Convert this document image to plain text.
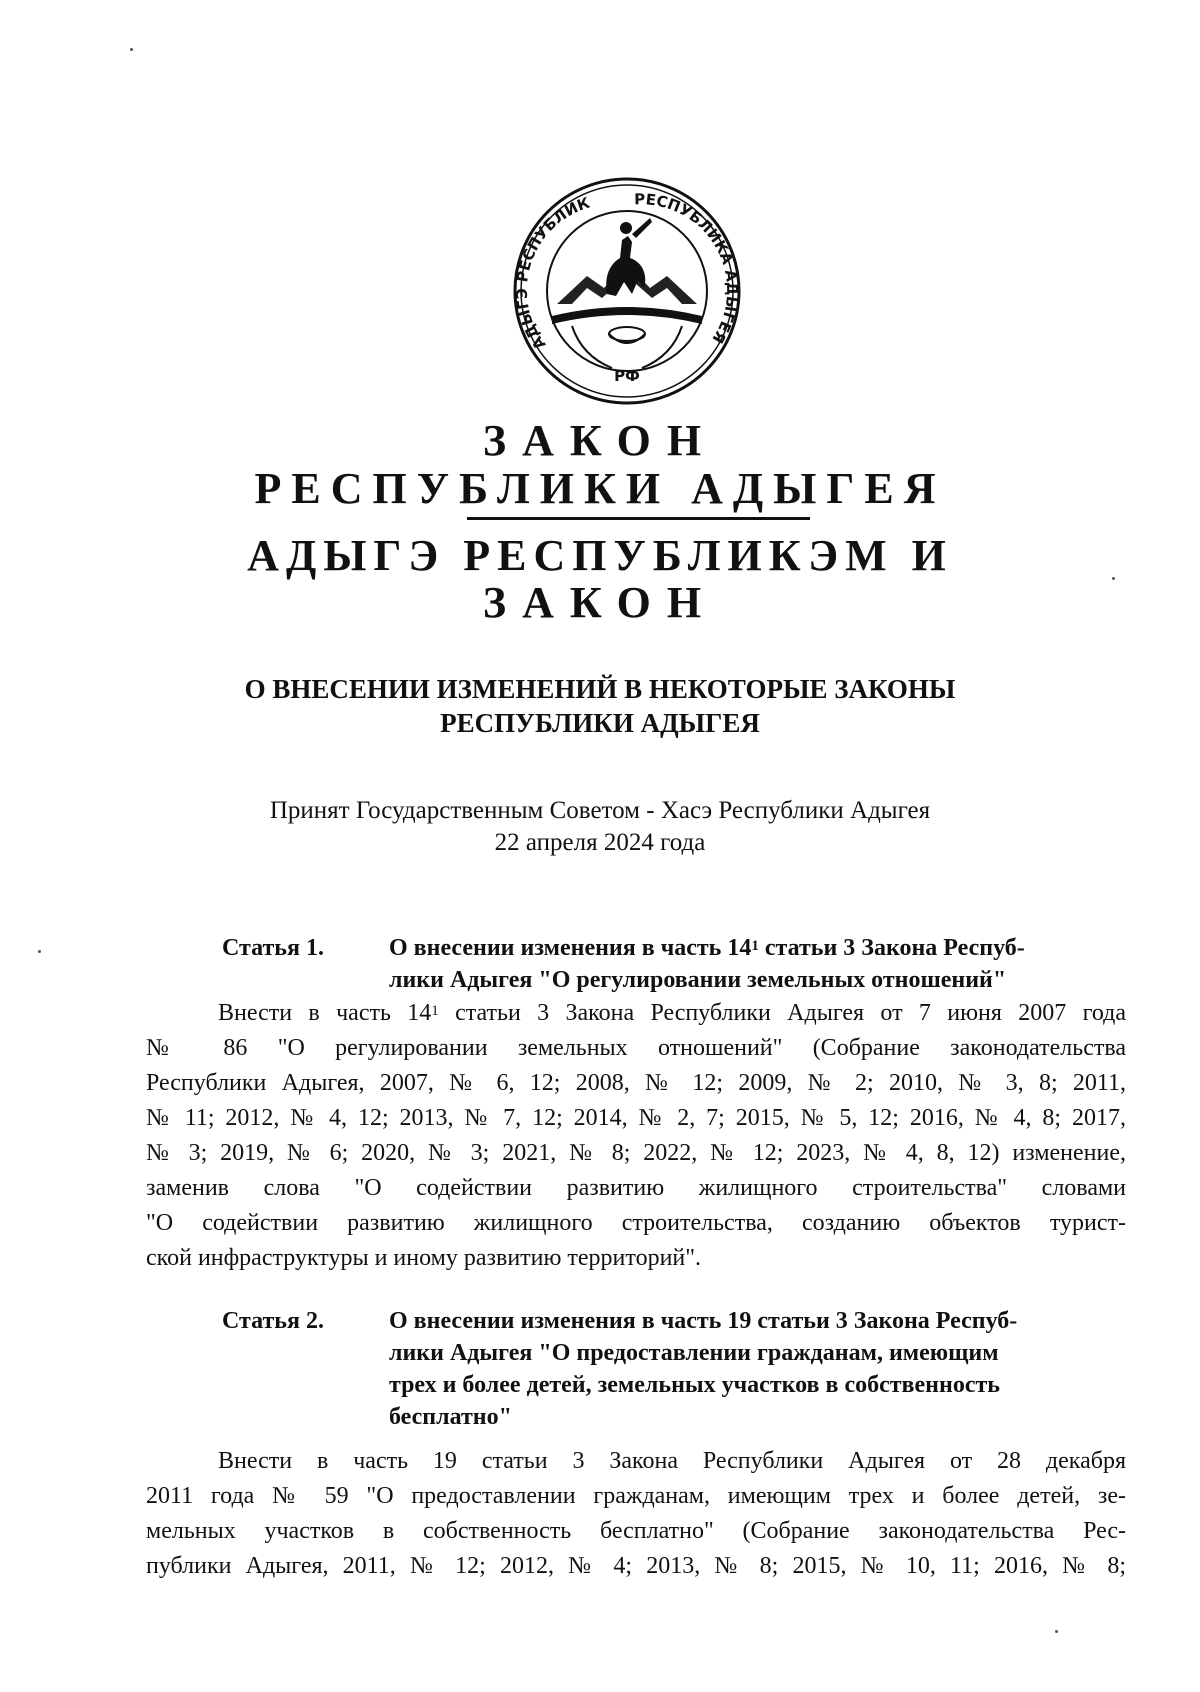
АДЫГЭ РЕСПУБЛИК	РЕСПУБЛИКА АДЫГЕЯ
РФ
ЗАКОН
РЕСПУБЛИКИ АДЫГЕЯ
АДЫГЭ РЕСПУБЛИКЭМ И
ЗАКОН
О ВНЕСЕНИИ ИЗМЕНЕНИЙ В НЕКОТОРЫЕ ЗАКОНЫ
РЕСПУБЛИКИ АДЫГЕЯ
Принят Государственным Советом - Хасэ Республики Адыгея
22 апреля 2024 года
Статья 1.	О внесении изменения в часть $14^1$ статьи 3 Закона Респуб-
лики Адыгея "О регулировании земельных отношений"
Внести в часть $14^1$ статьи 3 Закона Республики Адыгея от 7 июня 2007 года
№ 86 "О регулировании земельных отношений" (Собрание законодательства
Республики Адыгея, 2007, № 6, 12; 2008, № 12; 2009, № 2; 2010, № 3, 8; 2011,
№ 11; 2012, № 4, 12; 2013, № 7, 12; 2014, № 2, 7; 2015, № 5, 12; 2016, № 4, 8; 2017,
№ 3; 2019, № 6; 2020, № 3; 2021, № 8; 2022, № 12; 2023, № 4, 8, 12) изменение,
заменив слова "О содействии развитию жилищного строительства" словами
"О содействии развитию жилищного строительства, созданию объектов турист-
ской инфраструктуры и иному развитию территорий".
Статья 2.	О внесении изменения в часть 19 статьи 3 Закона Респуб-
лики Адыгея "О предоставлении гражданам, имеющим
трех и более детей, земельных участков в собственность
бесплатно"
Внести в часть 19 статьи 3 Закона Республики Адыгея от 28 декабря
2011 года № 59 "О предоставлении гражданам, имеющим трех и более детей, зе-
мельных участков в собственность бесплатно" (Собрание законодательства Рес-
публики Адыгея, 2011, № 12; 2012, № 4; 2013, № 8; 2015, № 10, 11; 2016, № 8;
